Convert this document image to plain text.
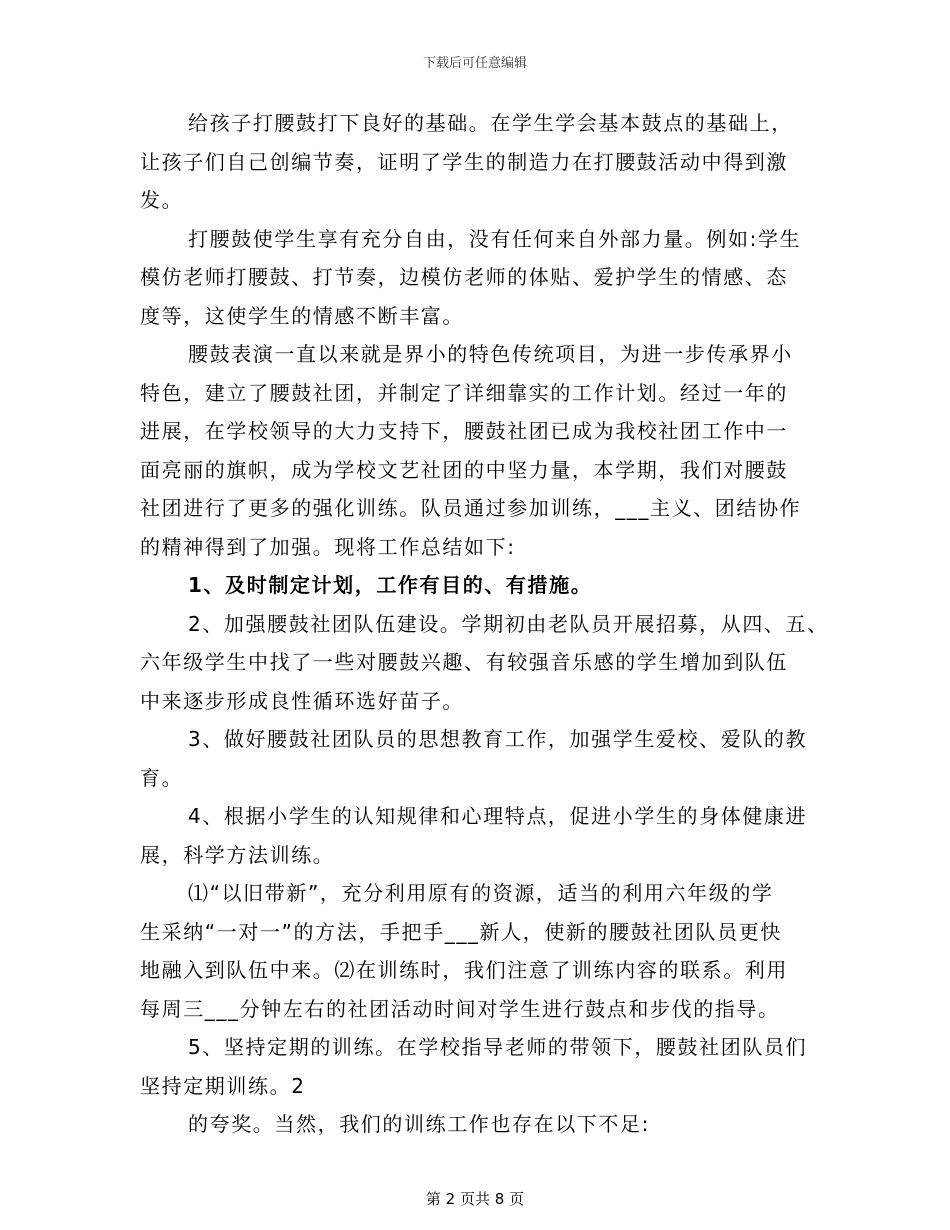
下载后可任意编辑
给孩子打腰鼓打下良好的基础。在学生学会基本鼓点的基础上，
让孩子们自己创编节奏，证明了学生的制造力在打腰鼓活动中得到激
发。
打腰鼓使学生享有充分自由，没有任何来自外部力量。例如:学生
模仿老师打腰鼓、打节奏，边模仿老师的体贴、爱护学生的情感、态
度等，这使学生的情感不断丰富。
腰鼓表演一直以来就是界小的特色传统项目，为进一步传承界小
特色，建立了腰鼓社团，并制定了详细靠实的工作计划。经过一年的
进展，在学校领导的大力支持下，腰鼓社团已成为我校社团工作中一
面亮丽的旗帜，成为学校文艺社团的中坚力量，本学期，我们对腰鼓
社团进行了更多的强化训练。队员通过参加训练，___主义、团结协作
的精神得到了加强。现将工作总结如下:
1、及时制定计划，工作有目的、有措施。
2、加强腰鼓社团队伍建设。学期初由老队员开展招募，从四、五、
六年级学生中找了一些对腰鼓兴趣、有较强音乐感的学生增加到队伍
中来逐步形成良性循环选好苗子。
3、做好腰鼓社团队员的思想教育工作，加强学生爱校、爱队的教
育。
4、根据小学生的认知规律和心理特点，促进小学生的身体健康进
展，科学方法训练。
⑴“以旧带新”，充分利用原有的资源，适当的利用六年级的学
生采纳“一对一”的方法，手把手___新人，使新的腰鼓社团队员更快
地融入到队伍中来。⑵在训练时，我们注意了训练内容的联系。利用
每周三___分钟左右的社团活动时间对学生进行鼓点和步伐的指导。
5、坚持定期的训练。在学校指导老师的带领下，腰鼓社团队员们
坚持定期训练。2
的夸奖。当然，我们的训练工作也存在以下不足:
第 2 页共 8 页
